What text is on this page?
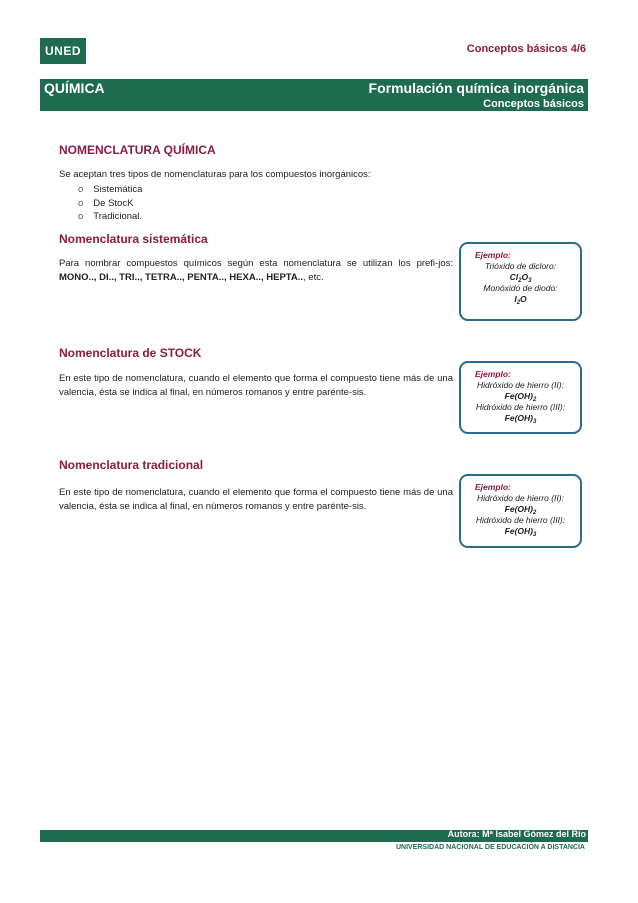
UNED	Conceptos básicos 4/6
QUÍMICA	Formulación química inorgánica
Conceptos básicos
NOMENCLATURA QUÍMICA
Se aceptan tres tipos de nomenclaturas para los compuestos inorgánicos:
o Sistemática
o De StocK
o Tradicional.
Nomenclatura sistemática
Para nombrar compuestos químicos según esta nomenclatura se utilizan los prefi-jos: MONO.., DI.., TRI.., TETRA.., PENTA.., HEXA.., HEPTA.., etc.
Ejemplo:
Trióxido de dicloro:
$Cl_2O_3$
Monóxido de diodo:
$I_2O$
Nomenclatura de STOCK
En este tipo de nomenclatura, cuando el elemento que forma el compuesto tiene más de una valencia, ésta se indica al final, en números romanos y entre parénte-sis.
Ejemplo:
Hidróxido de hierro (II):
$Fe(OH)_2$
Hidróxido de hierro (III):
$Fe(OH)_3$
Nomenclatura tradicional
En este tipo de nomenclatura, cuando el elemento que forma el compuesto tiene más de una valencia, ésta se indica al final, en números romanos y entre parénte-sis.
Ejemplo:
Hidróxido de hierro (II):
$Fe(OH)_2$
Hidróxido de hierro (III):
$Fe(OH)_3$
Autora: Mª Isabel Gómez del Río
UNIVERSIDAD NACIONAL DE EDUCACIÓN A DISTANCIA
